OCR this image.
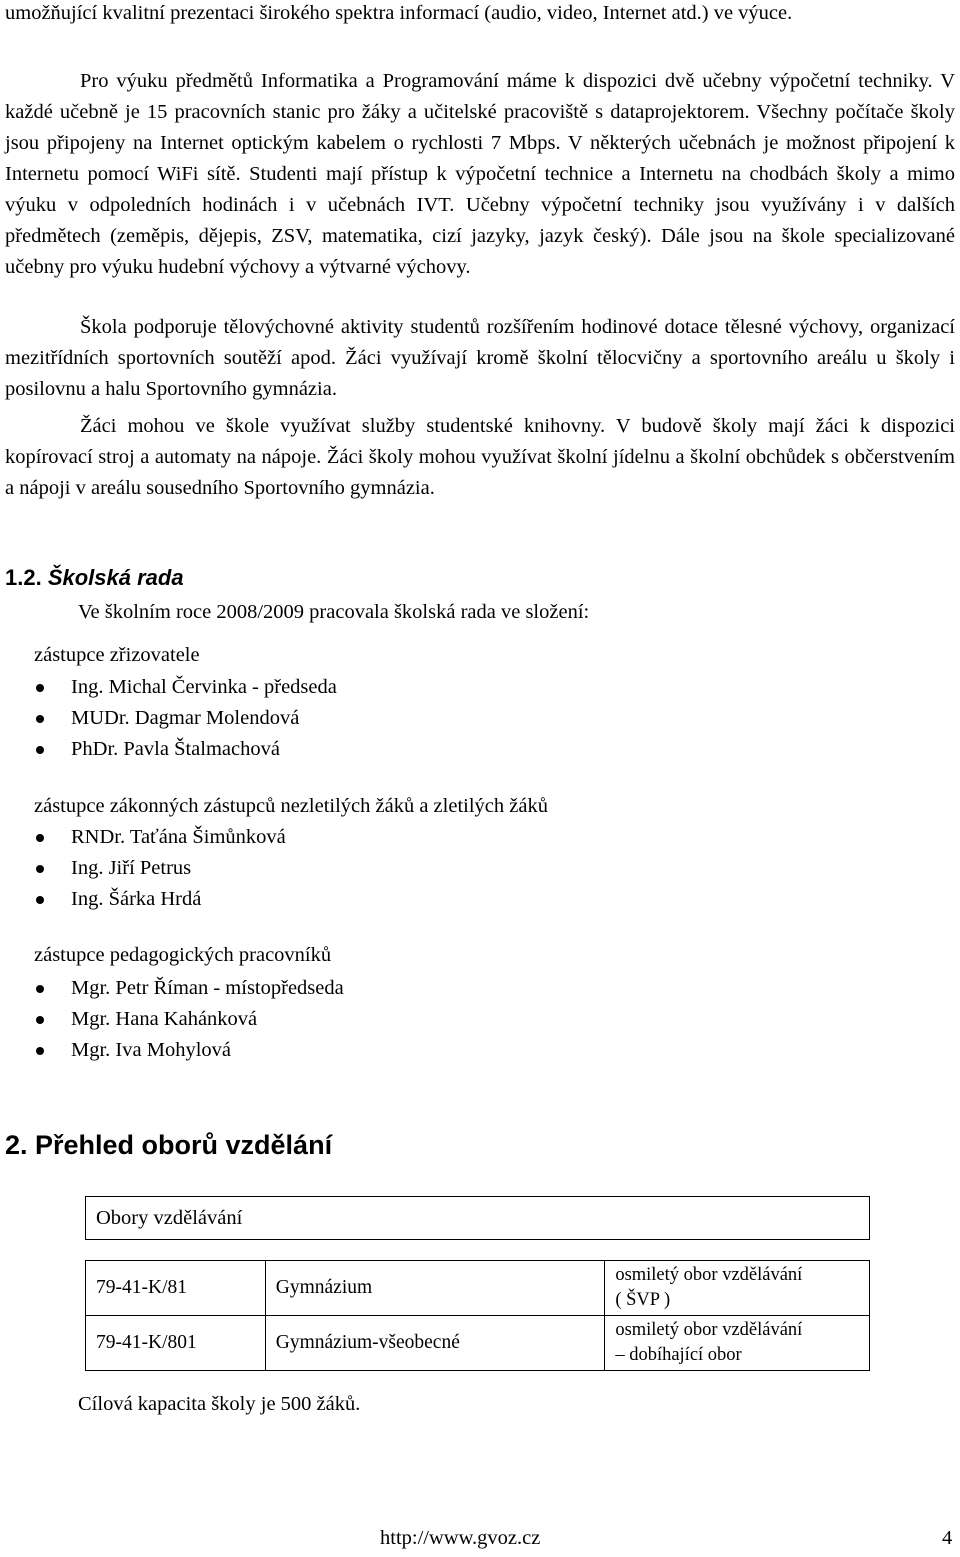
umožňující kvalitní prezentaci širokého spektra informací (audio, video, Internet atd.) ve výuce.

Pro výuku předmětů Informatika a Programování máme k dispozici dvě učebny výpočetní techniky. V každé učebně je 15 pracovních stanic pro žáky a učitelské pracoviště s dataprojektorem. Všechny počítače školy jsou připojeny na Internet optickým kabelem o rychlosti 7 Mbps. V některých učebnách je možnost připojení k Internetu pomocí WiFi sítě. Studenti mají přístup k výpočetní technice a Internetu na chodbách školy a mimo výuku v odpoledních hodinách i v učebnách IVT. Učebny výpočetní techniky jsou využívány i v dalších předmětech (zeměpis, dějepis, ZSV, matematika, cizí jazyky, jazyk český). Dále jsou na škole specializované učebny pro výuku hudební výchovy a výtvarné výchovy.

Škola podporuje tělovýchovné aktivity studentů rozšířením hodinové dotace tělesné výchovy, organizací mezitřídních sportovních soutěží apod. Žáci využívají kromě školní tělocvičny a sportovního areálu u školy i posilovnu a halu Sportovního gymnázia.

Žáci mohou ve škole využívat služby studentské knihovny. V budově školy mají žáci k dispozici kopírovací stroj a automaty na nápoje. Žáci školy mohou využívat školní jídelnu a školní obchůdek s občerstvením a nápoji v areálu sousedního Sportovního gymnázia.

1.2. Školská rada

Ve školním roce 2008/2009 pracovala školská rada ve složení:

zástupce zřizovatele

Ing. Michal Červinka - předseda
MUDr. Dagmar Molendová
PhDr. Pavla Štalmachová

zástupce zákonných zástupců nezletilých žáků a zletilých žáků

RNDr. Taťána Šimůnková
Ing. Jiří Petrus
Ing. Šárka Hrdá

zástupce pedagogických pracovníků

Mgr. Petr Říman - místopředseda
Mgr. Hana Kahánková
Mgr. Iva Mohylová
2. Přehled oborů vzdělání
Obory vzdělávání		

79-41-K/81	Gymnázium	osmiletý obor vzdělávání
( ŠVP )
79-41-K/801	Gymnázium-všeobecné	osmiletý obor vzdělávání
– dobíhající obor

Cílová kapacita školy je 500 žáků.

http://www.gvoz.cz	4
